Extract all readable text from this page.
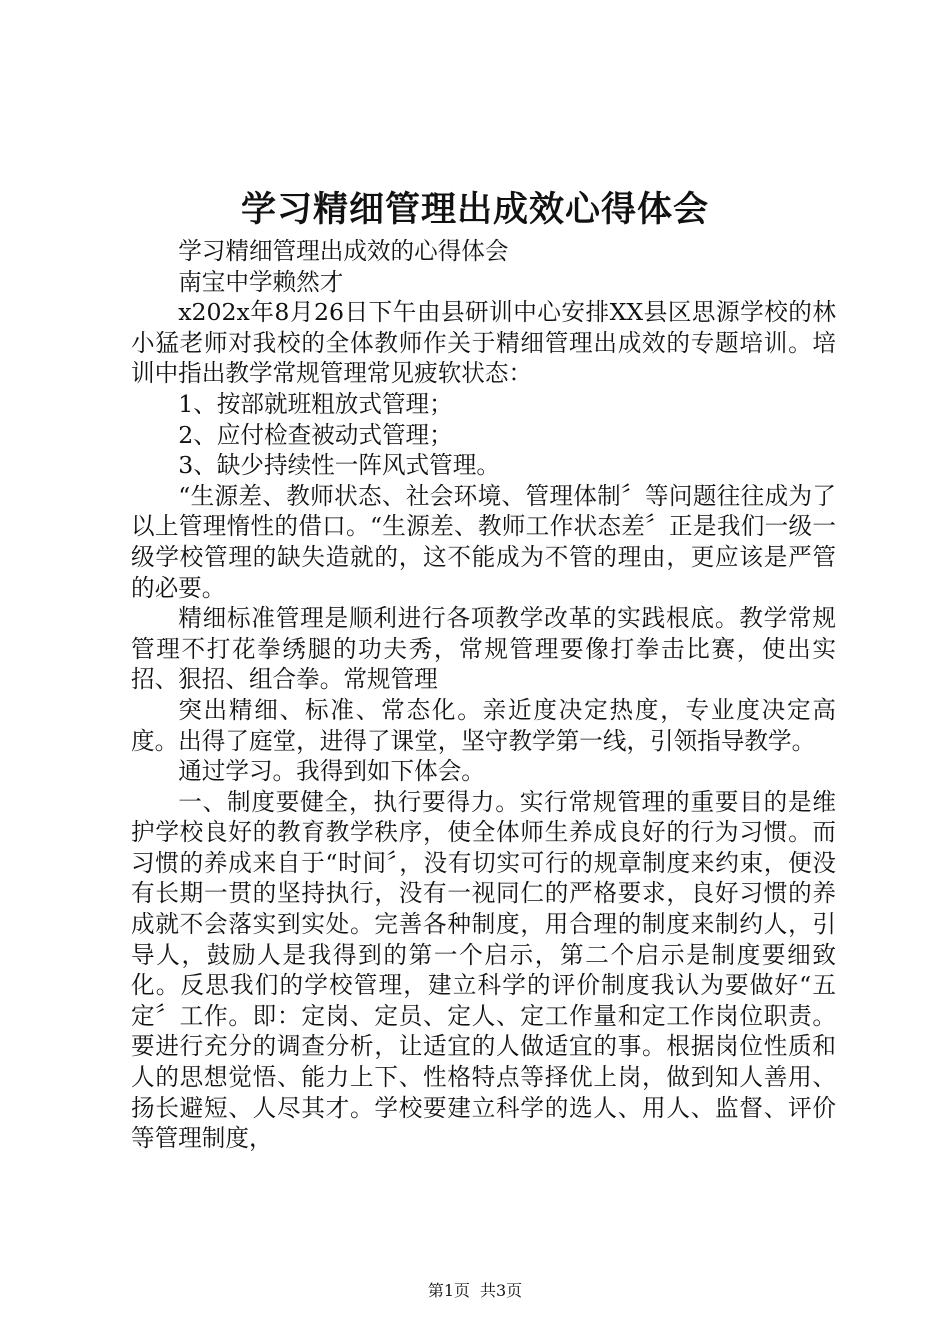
学习精细管理出成效心得体会

学习精细管理出成效的心得体会

南宝中学赖然才

x202x年8月26日下午由县研训中心安排XX县区思源学校的林小猛老师对我校的全体教师作关于精细管理出成效的专题培训。培训中指出教学常规管理常见疲软状态：

1、按部就班粗放式管理；

2、应付检查被动式管理；

3、缺少持续性一阵风式管理。

“生源差、教师状态、社会环境、管理体制〞等问题往往成为了以上管理惰性的借口。“生源差、教师工作状态差〞正是我们一级一级学校管理的缺失造就的，这不能成为不管的理由，更应该是严管的必要。

精细标准管理是顺利进行各项教学改革的实践根底。教学常规管理不打花拳绣腿的功夫秀，常规管理要像打拳击比赛，使出实招、狠招、组合拳。常规管理

突出精细、标准、常态化。亲近度决定热度，专业度决定高度。出得了庭堂，进得了课堂，坚守教学第一线，引领指导教学。

通过学习。我得到如下体会。

一、制度要健全，执行要得力。实行常规管理的重要目的是维护学校良好的教育教学秩序，使全体师生养成良好的行为习惯。而习惯的养成来自于“时间〞，没有切实可行的规章制度来约束，便没有长期一贯的坚持执行，没有一视同仁的严格要求，良好习惯的养成就不会落实到实处。完善各种制度，用合理的制度来制约人，引导人，鼓励人是我得到的第一个启示，第二个启示是制度要细致化。反思我们的学校管理，建立科学的评价制度我认为要做好“五定〞工作。即：定岗、定员、定人、定工作量和定工作岗位职责。要进行充分的调查分析，让适宜的人做适宜的事。根据岗位性质和人的思想觉悟、能力上下、性格特点等择优上岗，做到知人善用、扬长避短、人尽其才。学校要建立科学的选人、用人、监督、评价等管理制度，

第1页 共3页
